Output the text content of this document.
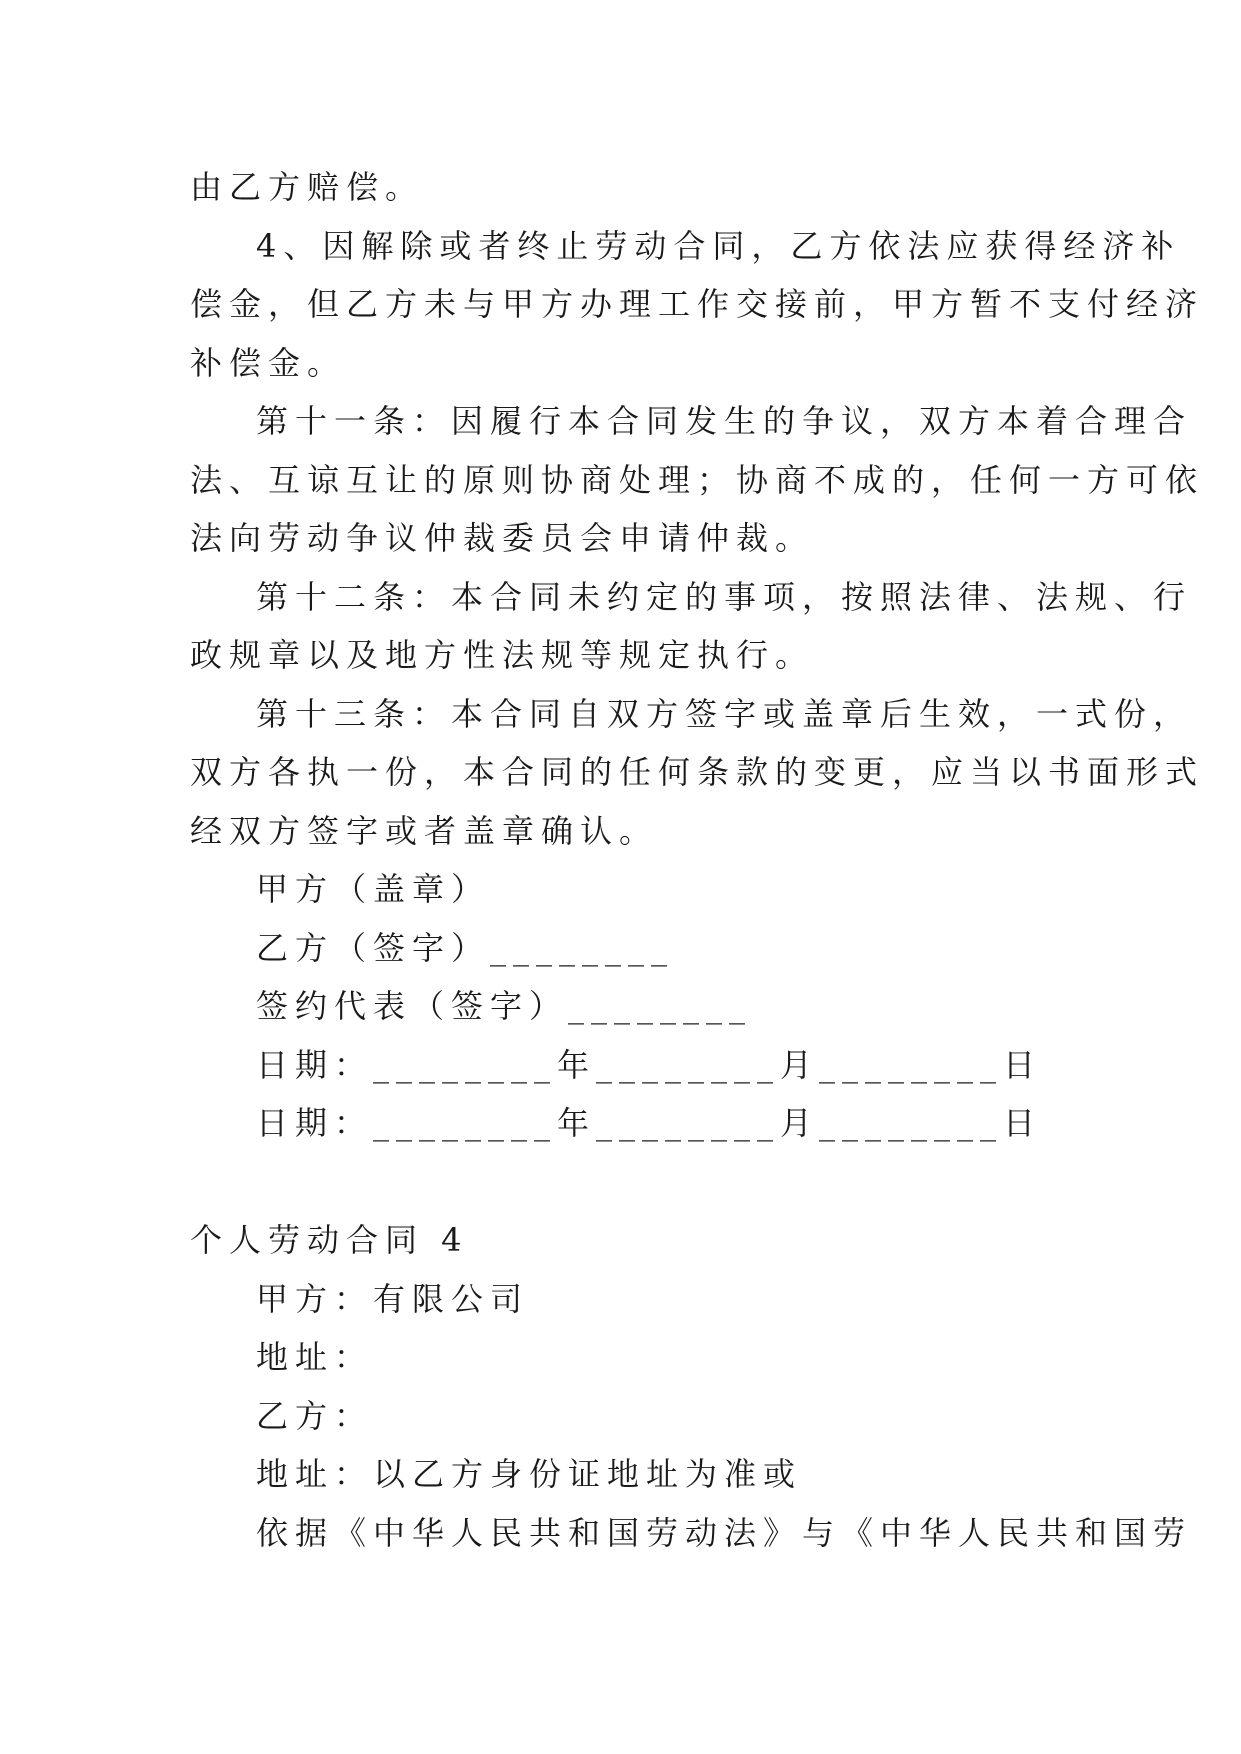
由乙方赔偿。
4、因解除或者终止劳动合同，乙方依法应获得经济补
偿金，但乙方未与甲方办理工作交接前，甲方暂不支付经济
补偿金。
第十一条：因履行本合同发生的争议，双方本着合理合
法、互谅互让的原则协商处理；协商不成的，任何一方可依
法向劳动争议仲裁委员会申请仲裁。
第十二条：本合同未约定的事项，按照法律、法规、行
政规章以及地方性法规等规定执行。
第十三条：本合同自双方签字或盖章后生效，一式份，
双方各执一份，本合同的任何条款的变更，应当以书面形式
经双方签字或者盖章确认。
甲方（盖章）
乙方（签字）________
签约代表（签字）________
日期：________年________月________日
日期：________年________月________日
个人劳动合同 4
甲方：有限公司
地址：
乙方：
地址：以乙方身份证地址为准或
依据《中华人民共和国劳动法》与《中华人民共和国劳
